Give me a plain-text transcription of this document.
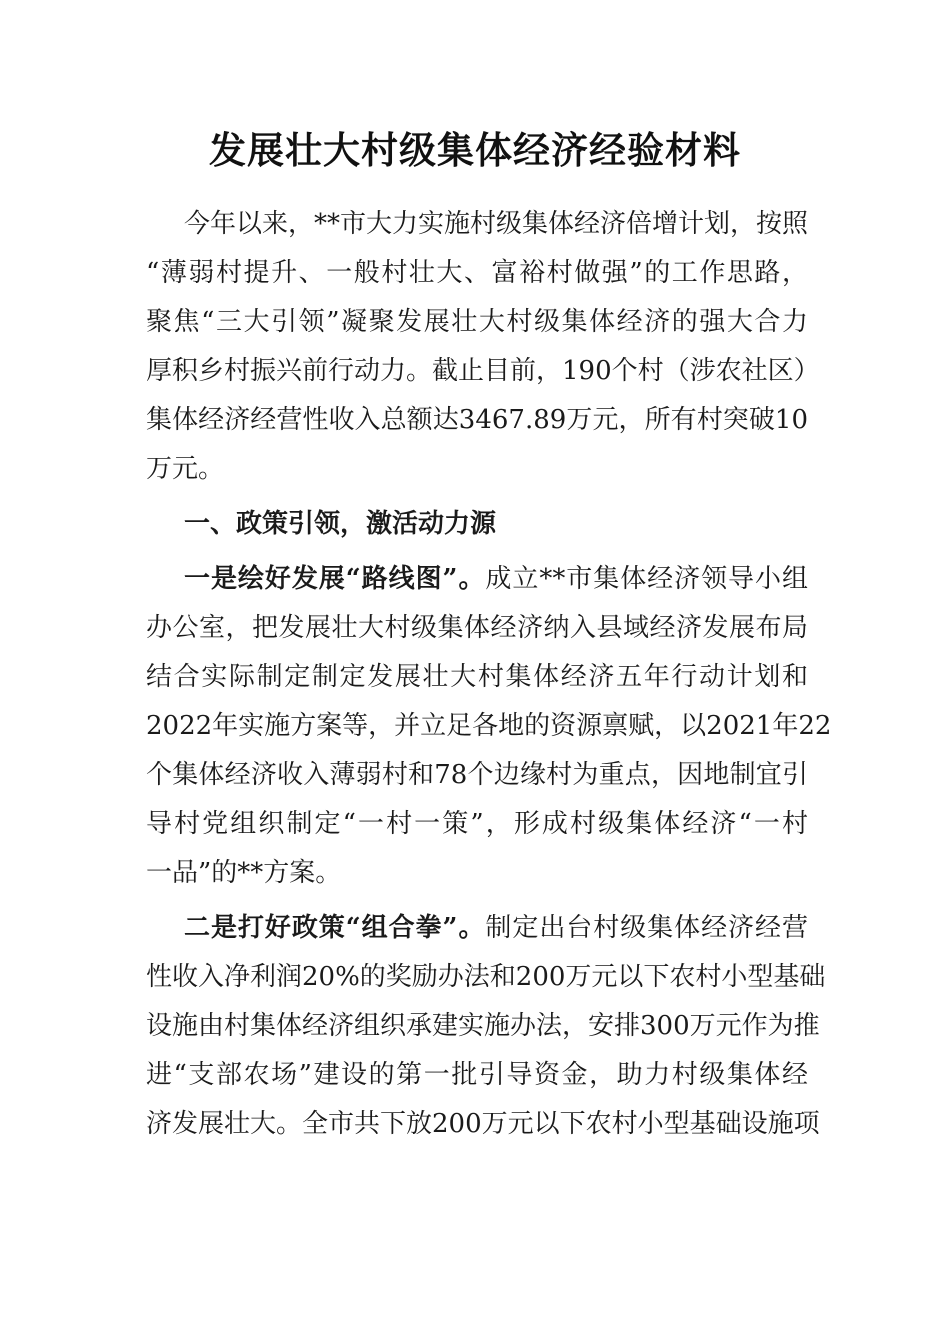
发展壮大村级集体经济经验材料
今年以来，**市大力实施村级集体经济倍增计划，按照
“薄弱村提升、一般村壮大、富裕村做强”的工作思路，
聚焦“三大引领”凝聚发展壮大村级集体经济的强大合力
厚积乡村振兴前行动力。截止目前，190个村（涉农社区）
集体经济经营性收入总额达3467.89万元，所有村突破10
万元。
一、政策引领，激活动力源
一是绘好发展“路线图”。成立**市集体经济领导小组
办公室，把发展壮大村级集体经济纳入县域经济发展布局
结合实际制定制定发展壮大村集体经济五年行动计划和
2022年实施方案等，并立足各地的资源禀赋，以2021年22
个集体经济收入薄弱村和78个边缘村为重点，因地制宜引
导村党组织制定“一村一策”，形成村级集体经济“一村
一品”的**方案。
二是打好政策“组合拳”。制定出台村级集体经济经营
性收入净利润20%的奖励办法和200万元以下农村小型基础
设施由村集体经济组织承建实施办法，安排300万元作为推
进“支部农场”建设的第一批引导资金，助力村级集体经
济发展壮大。全市共下放200万元以下农村小型基础设施项
